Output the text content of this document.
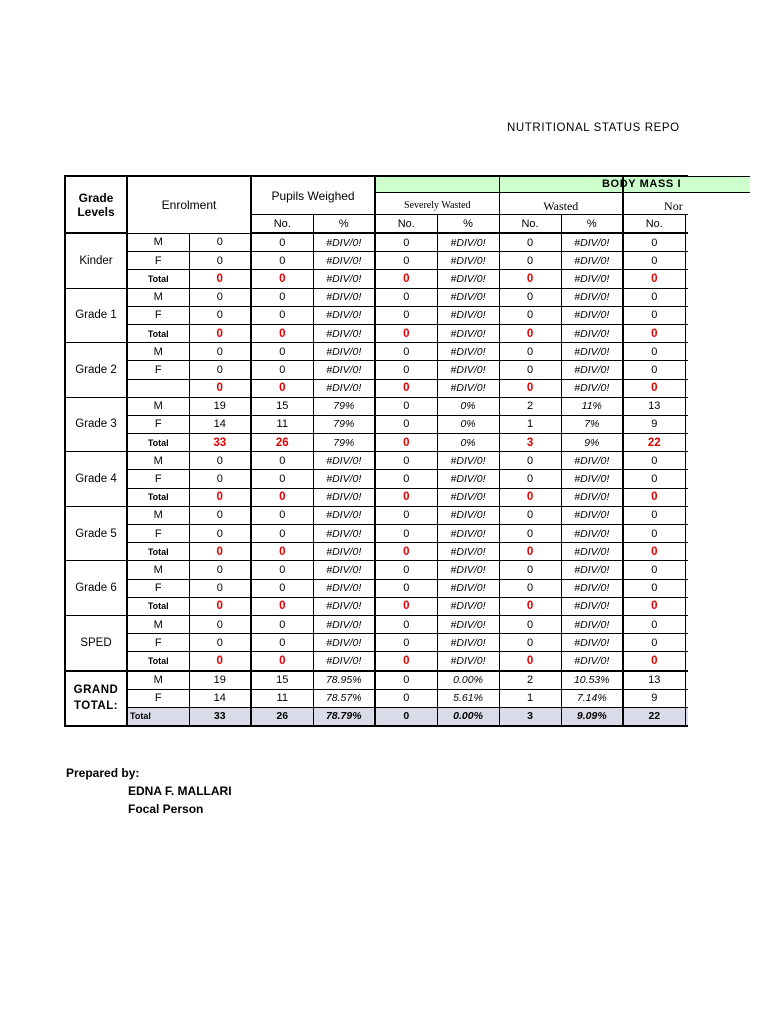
NUTRITIONAL STATUS REPO
BODY MASS I
Grade Levels	Enrolment		Pupils Weighed		Severely Wasted		Wasted		Nor	
			No.	%	No.	%	No.	%	No.	
Kinder	M	0	0	#DIV/0!	0	#DIV/0!	0	#DIV/0!	0	
	F	0	0	#DIV/0!	0	#DIV/0!	0	#DIV/0!	0	
	Total	0	0	#DIV/0!	0	#DIV/0!	0	#DIV/0!	0	
Grade 1	M	0	0	#DIV/0!	0	#DIV/0!	0	#DIV/0!	0	
	F	0	0	#DIV/0!	0	#DIV/0!	0	#DIV/0!	0	
	Total	0	0	#DIV/0!	0	#DIV/0!	0	#DIV/0!	0	
Grade 2	M	0	0	#DIV/0!	0	#DIV/0!	0	#DIV/0!	0	
	F	0	0	#DIV/0!	0	#DIV/0!	0	#DIV/0!	0	
		0	0	#DIV/0!	0	#DIV/0!	0	#DIV/0!	0	
Grade 3	M	19	15	79%	0	0%	2	11%	13	
	F	14	11	79%	0	0%	1	7%	9	
	Total	33	26	79%	0	0%	3	9%	22	
Grade 4	M	0	0	#DIV/0!	0	#DIV/0!	0	#DIV/0!	0	
	F	0	0	#DIV/0!	0	#DIV/0!	0	#DIV/0!	0	
	Total	0	0	#DIV/0!	0	#DIV/0!	0	#DIV/0!	0	
Grade 5	M	0	0	#DIV/0!	0	#DIV/0!	0	#DIV/0!	0	
	F	0	0	#DIV/0!	0	#DIV/0!	0	#DIV/0!	0	
	Total	0	0	#DIV/0!	0	#DIV/0!	0	#DIV/0!	0	
Grade 6	M	0	0	#DIV/0!	0	#DIV/0!	0	#DIV/0!	0	
	F	0	0	#DIV/0!	0	#DIV/0!	0	#DIV/0!	0	
	Total	0	0	#DIV/0!	0	#DIV/0!	0	#DIV/0!	0	
SPED	M	0	0	#DIV/0!	0	#DIV/0!	0	#DIV/0!	0	
	F	0	0	#DIV/0!	0	#DIV/0!	0	#DIV/0!	0	
	Total	0	0	#DIV/0!	0	#DIV/0!	0	#DIV/0!	0	
GRAND TOTAL:	M	19	15	78.95%	0	0.00%	2	10.53%	13	
	F	14	11	78.57%	0	5.61%	1	7.14%	9	
	Total	33	26	78.79%	0	0.00%	3	9.09%	22	
Prepared by:
EDNA F. MALLARI
Focal Person
